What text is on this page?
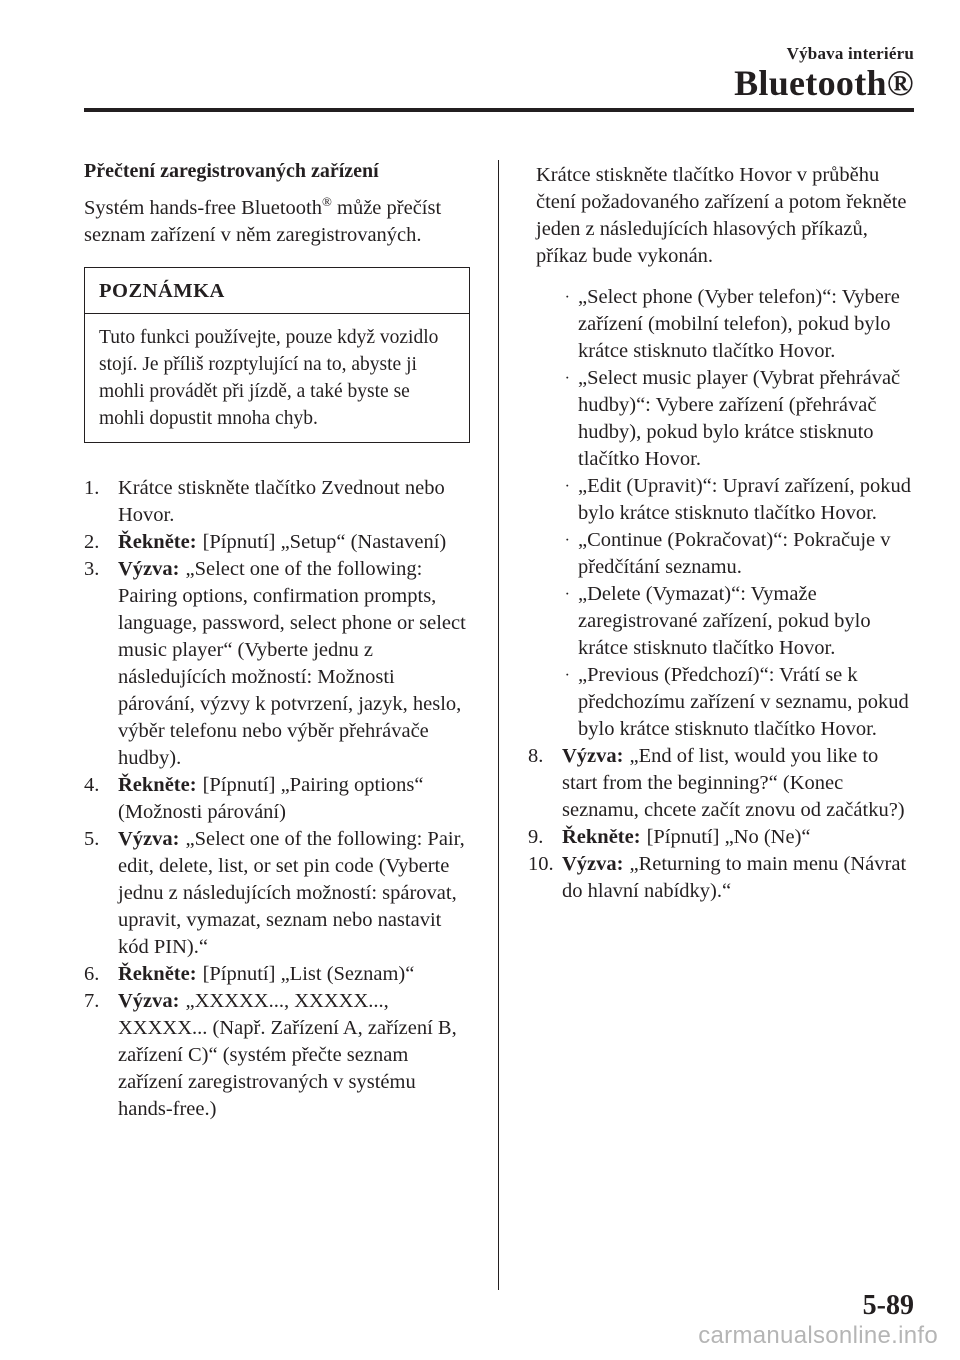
Výbava interiéru
Bluetooth®
Přečtení zaregistrovaných zařízení

Systém hands-free Bluetooth® může přečíst seznam zařízení v něm zaregistrovaných.

POZNÁMKA
Tuto funkci používejte, pouze když vozidlo stojí. Je příliš rozptylující na to, abyste ji mohli provádět při jízdě, a také byste se mohli dopustit mnoha chyb.
1. Krátce stiskněte tlačítko Zvednout nebo Hovor.
2. Řekněte: [Pípnutí] „Setup“ (Nastavení)
3. Výzva: „Select one of the following: Pairing options, confirmation prompts, language, password, select phone or select music player“ (Vyberte jednu z následujících možností: Možnosti párování, výzvy k potvrzení, jazyk, heslo, výběr telefonu nebo výběr přehrávače hudby).
4. Řekněte: [Pípnutí] „Pairing options“ (Možnosti párování)
5. Výzva: „Select one of the following: Pair, edit, delete, list, or set pin code (Vyberte jednu z následujících možností: spárovat, upravit, vymazat, seznam nebo nastavit kód PIN).“
6. Řekněte: [Pípnutí] „List (Seznam)“
7. Výzva: „XXXXX..., XXXXX..., XXXXX... (Např. Zařízení A, zařízení B, zařízení C)“ (systém přečte seznam zařízení zaregistrovaných v systému hands-free.)

Krátce stiskněte tlačítko Hovor v průběhu čtení požadovaného zařízení a potom řekněte jeden z následujících hlasových příkazů, příkaz bude vykonán.

· „Select phone (Vyber telefon)“: Vybere zařízení (mobilní telefon), pokud bylo krátce stisknuto tlačítko Hovor.
· „Select music player (Vybrat přehrávač hudby)“: Vybere zařízení (přehrávač hudby), pokud bylo krátce stisknuto tlačítko Hovor.
· „Edit (Upravit)“: Upraví zařízení, pokud bylo krátce stisknuto tlačítko Hovor.
· „Continue (Pokračovat)“: Pokračuje v předčítání seznamu.
· „Delete (Vymazat)“: Vymaže zaregistrované zařízení, pokud bylo krátce stisknuto tlačítko Hovor.
· „Previous (Předchozí)“: Vrátí se k předchozímu zařízení v seznamu, pokud bylo krátce stisknuto tlačítko Hovor.
8. Výzva: „End of list, would you like to start from the beginning?“ (Konec seznamu, chcete začít znovu od začátku?)
9. Řekněte: [Pípnutí] „No (Ne)“
10. Výzva: „Returning to main menu (Návrat do hlavní nabídky).“
5-89
carmanualsonline.info
